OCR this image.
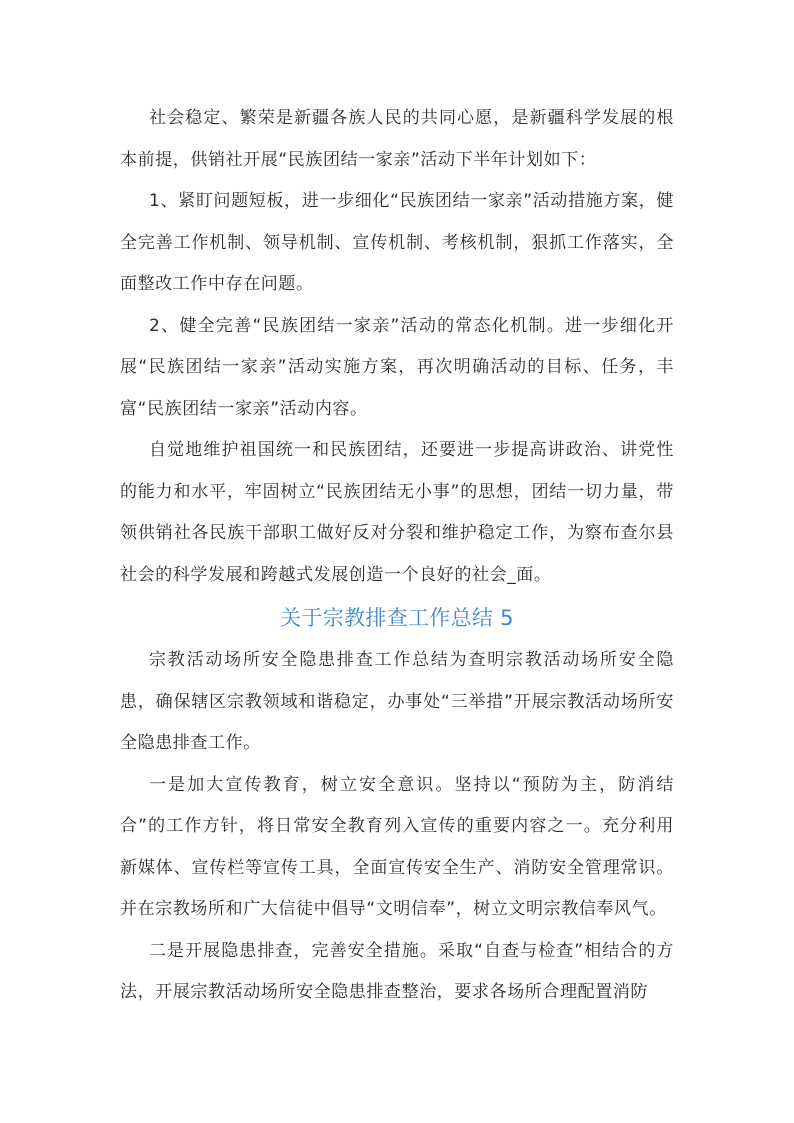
社会稳定、繁荣是新疆各族人民的共同心愿，是新疆科学发展的根本前提，供销社开展“民族团结一家亲”活动下半年计划如下：

1、紧盯问题短板，进一步细化“民族团结一家亲”活动措施方案，健全完善工作机制、领导机制、宣传机制、考核机制，狠抓工作落实，全面整改工作中存在问题。

2、健全完善“民族团结一家亲”活动的常态化机制。进一步细化开展“民族团结一家亲”活动实施方案，再次明确活动的目标、任务，丰富“民族团结一家亲”活动内容。

自觉地维护祖国统一和民族团结，还要进一步提高讲政治、讲党性的能力和水平，牢固树立“民族团结无小事”的思想，团结一切力量，带领供销社各民族干部职工做好反对分裂和维护稳定工作，为察布查尔县社会的科学发展和跨越式发展创造一个良好的社会_面。

关于宗教排查工作总结 5

宗教活动场所安全隐患排查工作总结为查明宗教活动场所安全隐患，确保辖区宗教领域和谐稳定，办事处“三举措”开展宗教活动场所安全隐患排查工作。

一是加大宣传教育，树立安全意识。坚持以“预防为主，防消结合”的工作方针，将日常安全教育列入宣传的重要内容之一。充分利用新媒体、宣传栏等宣传工具，全面宣传安全生产、消防安全管理常识。并在宗教场所和广大信徒中倡导“文明信奉”，树立文明宗教信奉风气。

二是开展隐患排查，完善安全措施。采取“自查与检查”相结合的方法，开展宗教活动场所安全隐患排查整治，要求各场所合理配置消防
